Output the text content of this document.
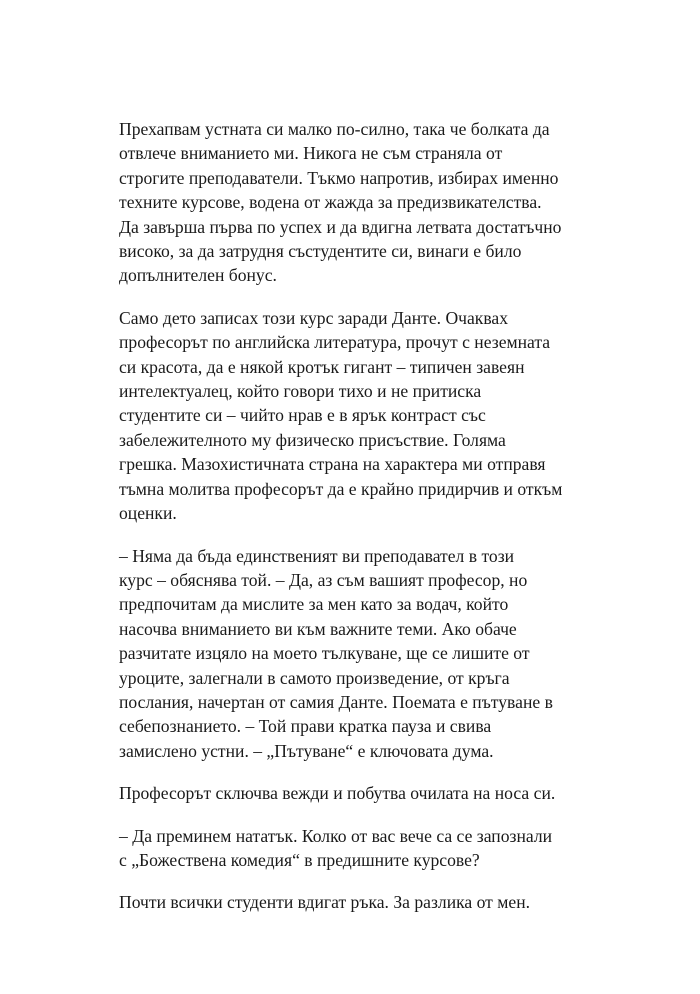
Прехапвам устната си малко по-силно, така че болката да
отвлече вниманието ми. Никога не съм страняла от
строгите преподаватели. Тъкмо напротив, избирах именно
техните курсове, водена от жажда за предизвикателства.
Да завърша първа по успех и да вдигна летвата достатъчно
високо, за да затрудня състудентите си, винаги е било
допълнителен бонус.

Само дето записах този курс заради Данте. Очаквах
професорът по английска литература, прочут с неземната
си красота, да е някой кротък гигант – типичен завеян
интелектуалец, който говори тихо и не притиска
студентите си – чийто нрав е в ярък контраст със
забележителното му физическо присъствие. Голяма
грешка. Мазохистичната страна на характера ми отправя
тъмна молитва професорът да е крайно придирчив и откъм
оценки.

– Няма да бъда единственият ви преподавател в този
курс – обяснява той. – Да, аз съм вашият професор, но
предпочитам да мислите за мен като за водач, който
насочва вниманието ви към важните теми. Ако обаче
разчитате изцяло на моето тълкуване, ще се лишите от
уроците, залегнали в самото произведение, от кръга
послания, начертан от самия Данте. Поемата е пътуване в
себепознанието. – Той прави кратка пауза и свива
замислено устни. – „Пътуване“ е ключовата дума.

Професорът сключва вежди и побутва очилата на носа си.

– Да преминем нататък. Колко от вас вече са се запознали
с „Божествена комедия“ в предишните курсове?

Почти всички студенти вдигат ръка. За разлика от мен.
